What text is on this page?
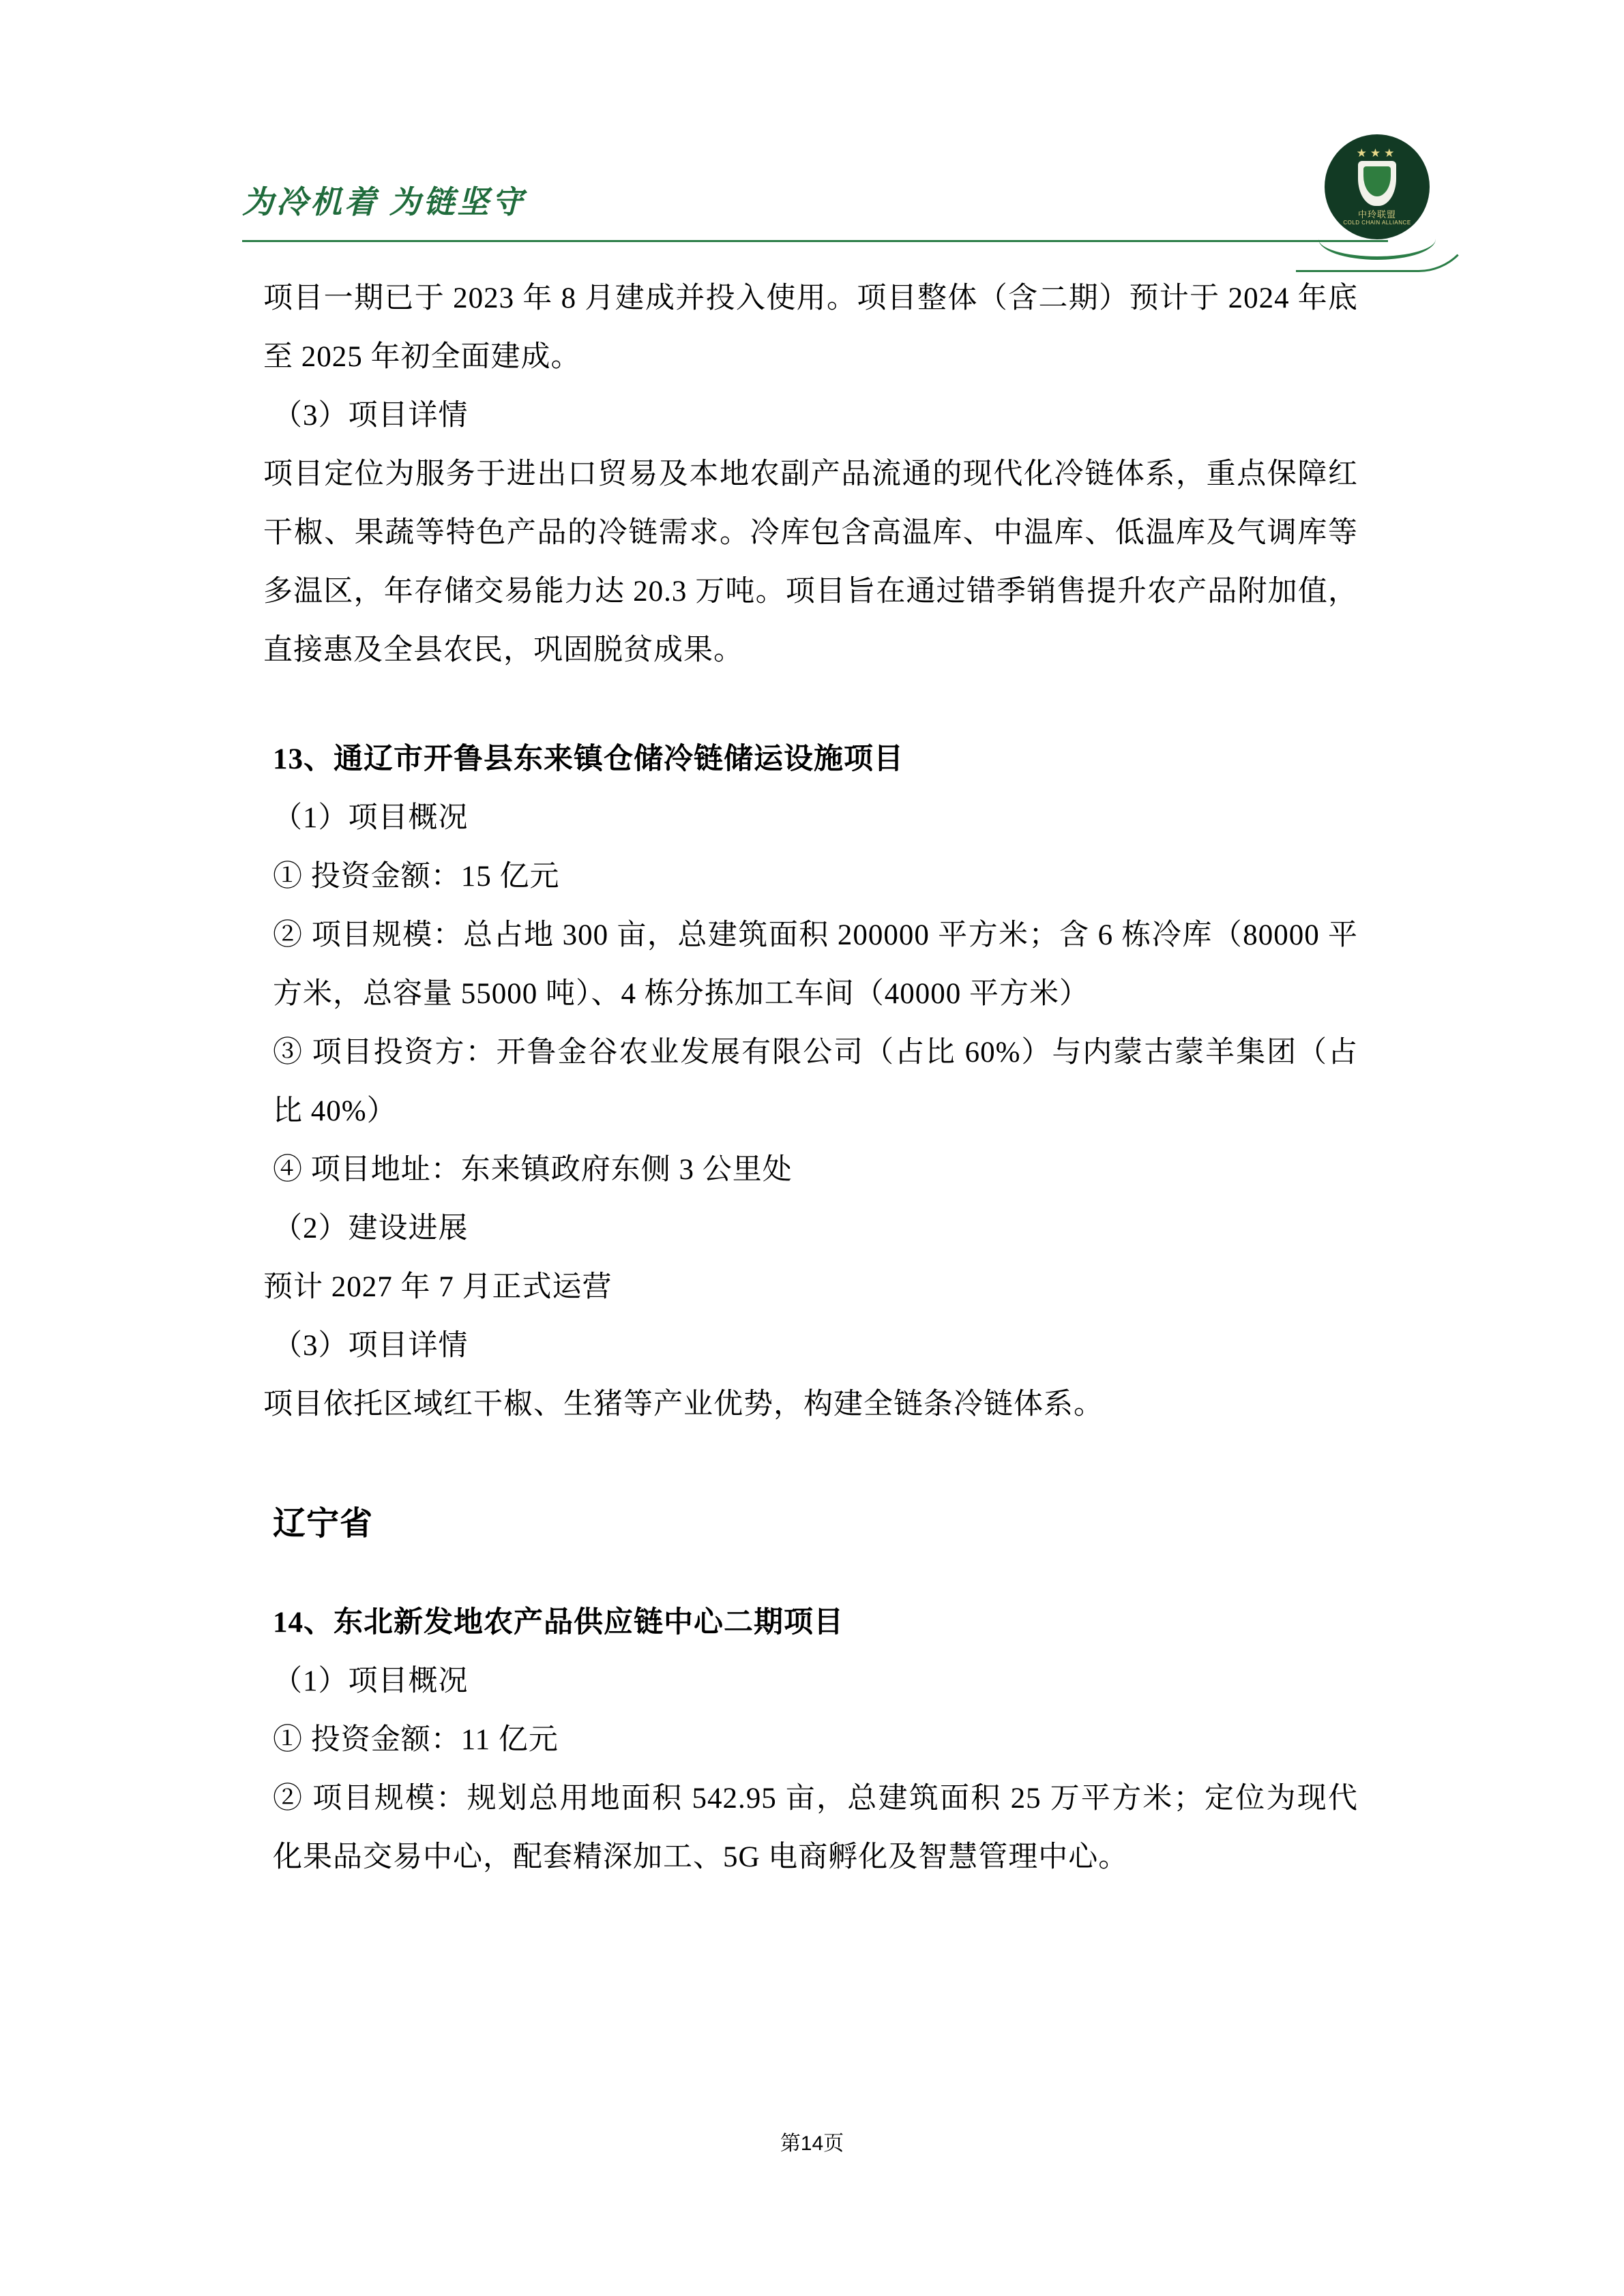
为冷机着 为链坚守
★★★
中玲联盟
COLD CHAIN ALLIANCE

项目一期已于 2023 年 8 月建成并投入使用。项目整体（含二期）预计于 2024 年底至 2025 年初全面建成。

（3）项目详情

项目定位为服务于进出口贸易及本地农副产品流通的现代化冷链体系，重点保障红干椒、果蔬等特色产品的冷链需求。冷库包含高温库、中温库、低温库及气调库等多温区，年存储交易能力达 20.3 万吨。项目旨在通过错季销售提升农产品附加值，直接惠及全县农民，巩固脱贫成果。

13、通辽市开鲁县东来镇仓储冷链储运设施项目

（1）项目概况

① 投资金额：15 亿元

② 项目规模：总占地 300 亩，总建筑面积 200000 平方米；含 6 栋冷库（80000 平方米，总容量 55000 吨）、4 栋分拣加工车间（40000 平方米）

③ 项目投资方：开鲁金谷农业发展有限公司（占比 60%）与内蒙古蒙羊集团（占比 40%）

④ 项目地址：东来镇政府东侧 3 公里处

（2）建设进展

预计 2027 年 7 月正式运营

（3）项目详情

项目依托区域红干椒、生猪等产业优势，构建全链条冷链体系。

辽宁省

14、东北新发地农产品供应链中心二期项目

（1）项目概况

① 投资金额：11 亿元

② 项目规模：规划总用地面积 542.95 亩，总建筑面积 25 万平方米；定位为现代化果品交易中心，配套精深加工、5G 电商孵化及智慧管理中心。

第14页
